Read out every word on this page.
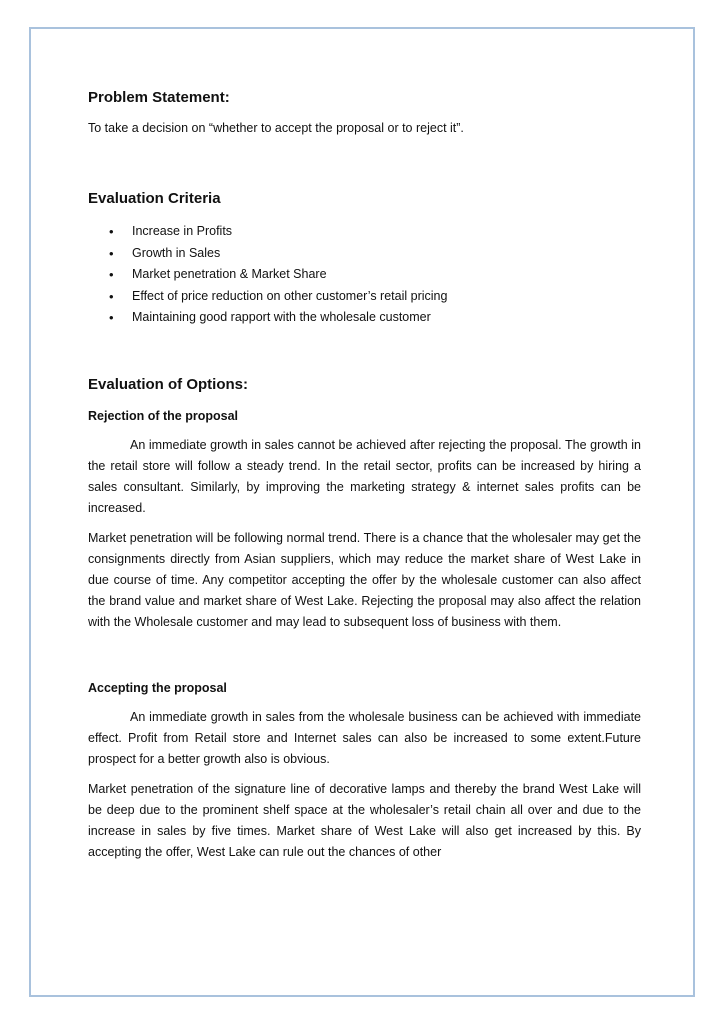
Problem Statement:

To take a decision on “whether to accept the proposal or to reject it”.

Evaluation Criteria

• Increase in Profits
• Growth in Sales
• Market penetration & Market Share
• Effect of price reduction on other customer’s retail pricing
• Maintaining good rapport with the wholesale customer

Evaluation of Options:

Rejection of the proposal

An immediate growth in sales cannot be achieved after rejecting the proposal. The growth in the retail store will follow a steady trend. In the retail sector, profits can be increased by hiring a sales consultant. Similarly, by improving the marketing strategy & internet sales profits can be increased.

Market penetration will be following normal trend. There is a chance that the wholesaler may get the consignments directly from Asian suppliers, which may reduce the market share of West Lake in due course of time. Any competitor accepting the offer by the wholesale customer can also affect the brand value and market share of West Lake. Rejecting the proposal may also affect the relation with the Wholesale customer and may lead to subsequent loss of business with them.

Accepting the proposal

An immediate growth in sales from the wholesale business can be achieved with immediate effect. Profit from Retail store and Internet sales can also be increased to some extent.Future prospect for a better growth also is obvious.

Market penetration of the signature line of decorative lamps and thereby the brand West Lake will be deep due to the prominent shelf space at the wholesaler’s retail chain all over and due to the increase in sales by five times. Market share of West Lake will also get increased by this. By accepting the offer, West Lake can rule out the chances of other
